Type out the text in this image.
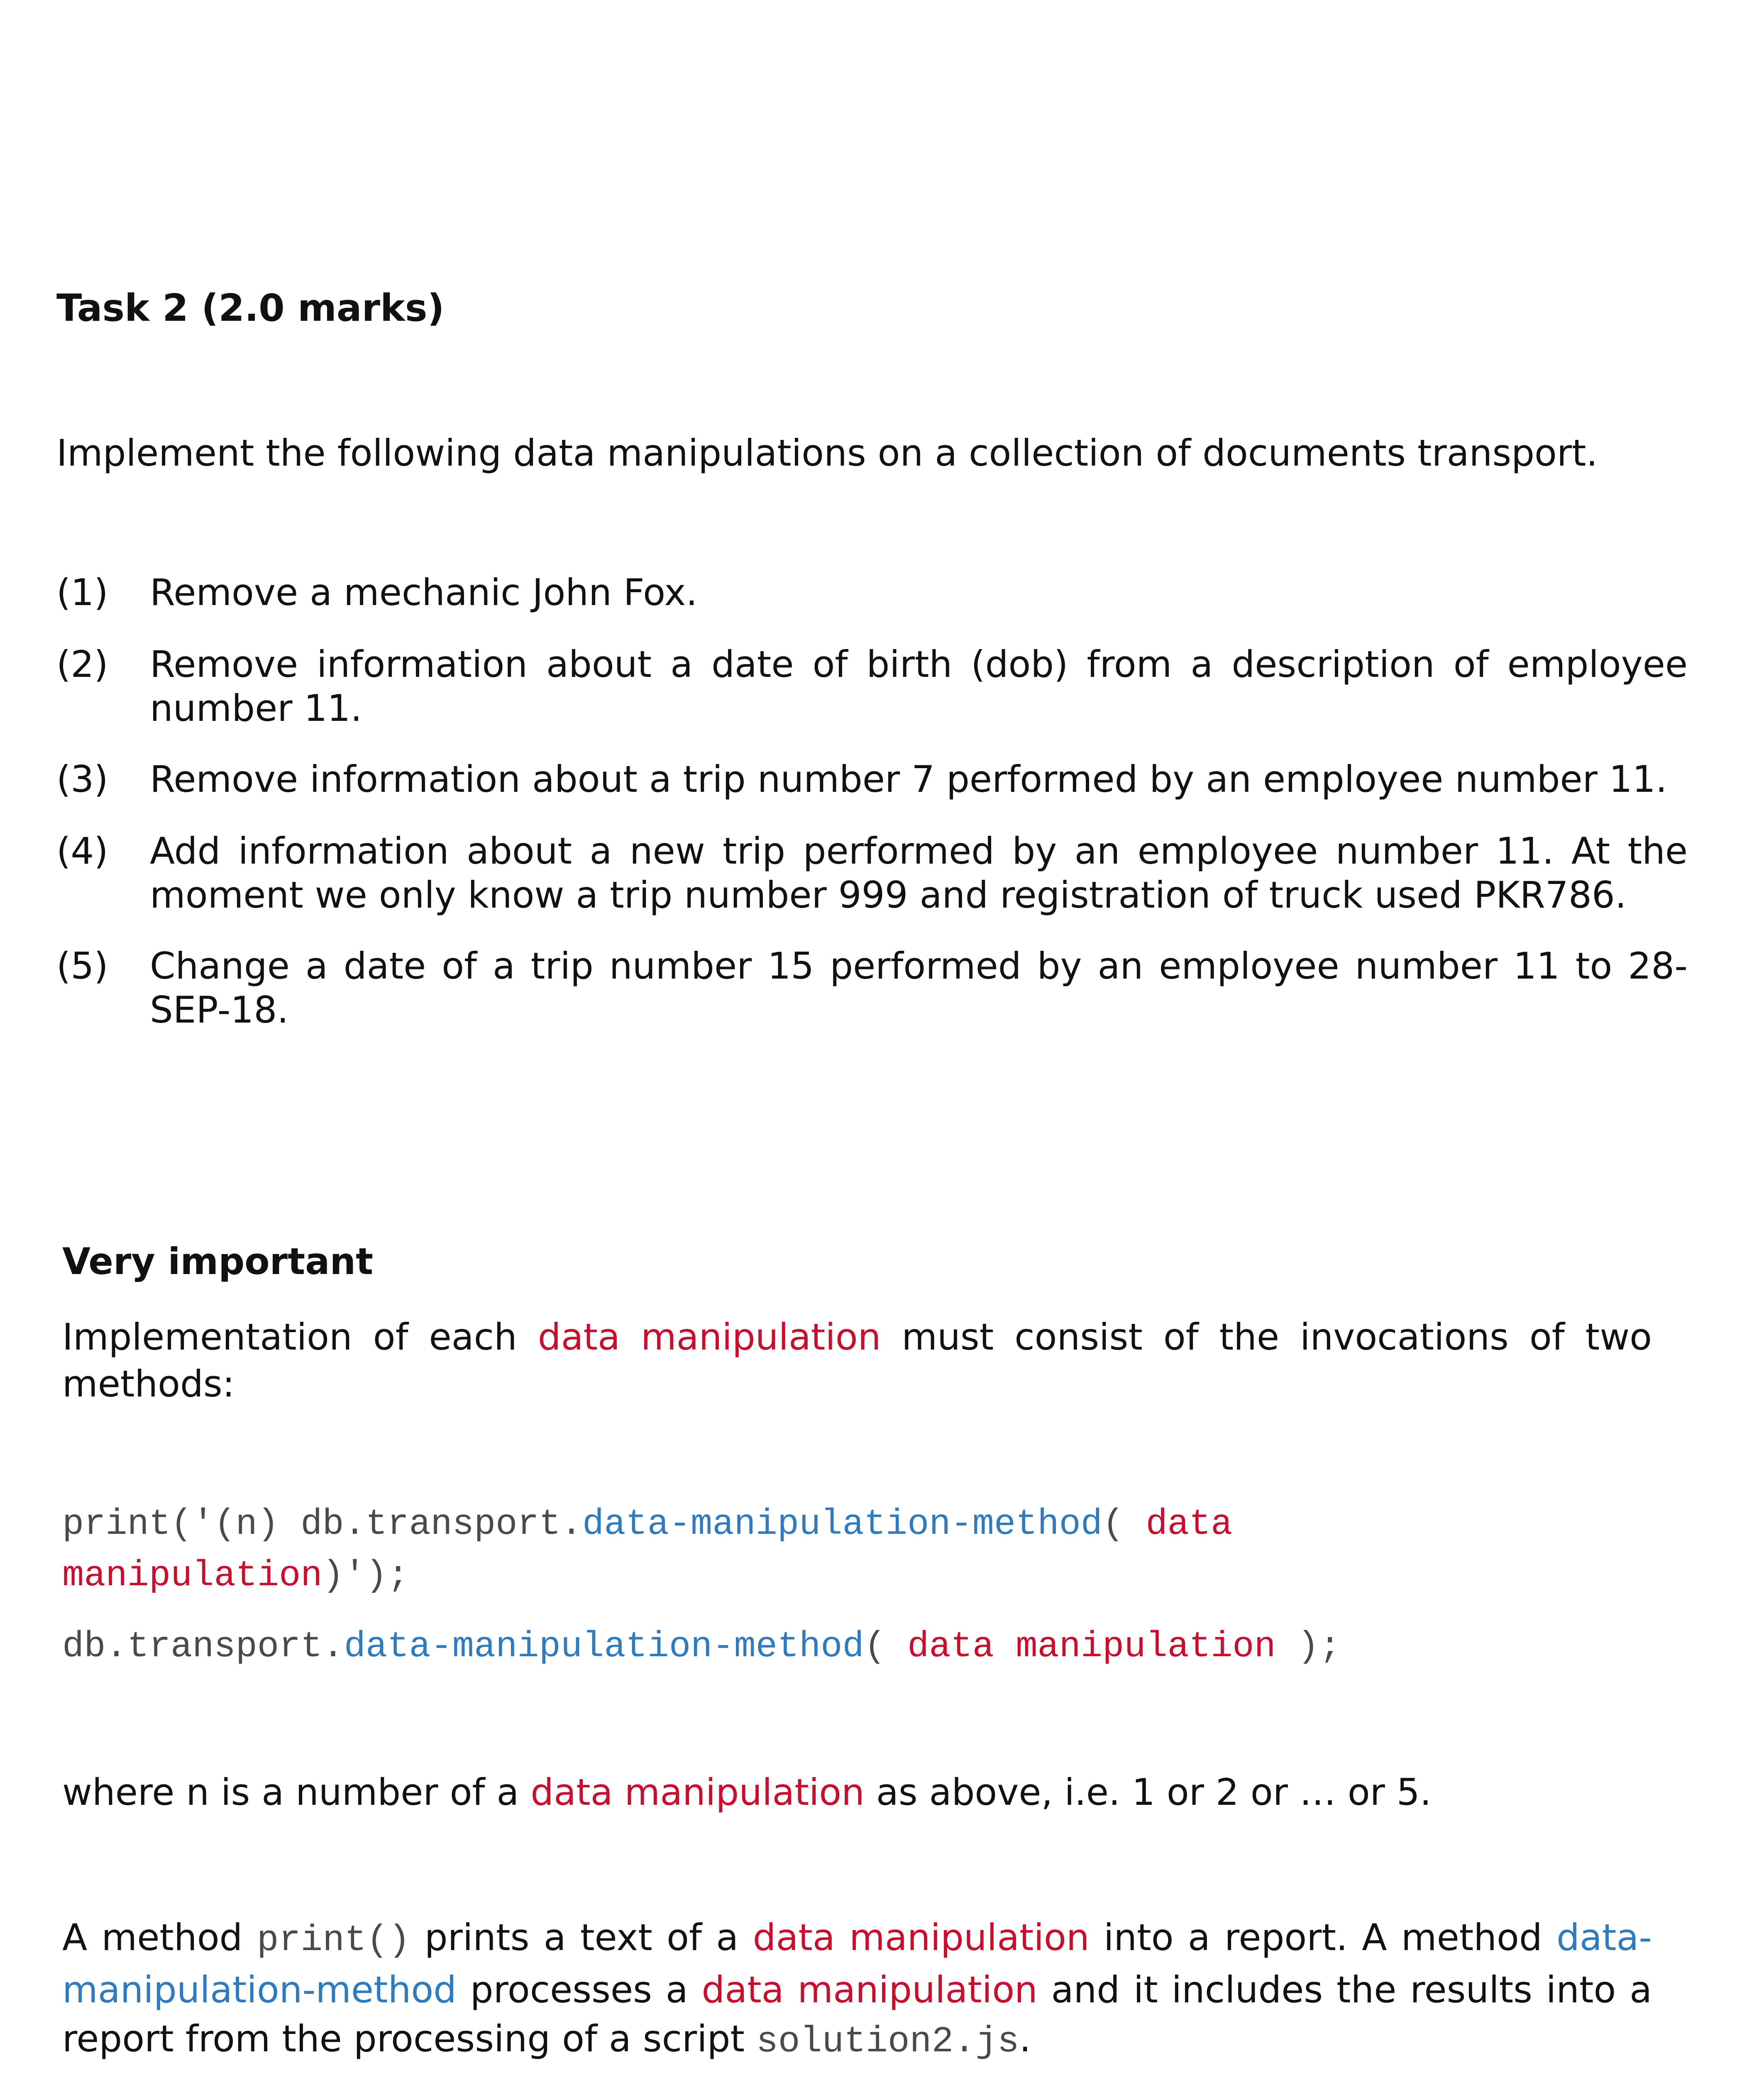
Task 2 (2.0 marks)
Implement the following data manipulations on a collection of documents transport.
(1) Remove a mechanic John Fox.
(2) Remove information about a date of birth (dob) from a description of employee number 11.
(3) Remove information about a trip number 7 performed by an employee number 11.
(4) Add information about a new trip performed by an employee number 11. At the moment we only know a trip number 999 and registration of truck used PKR786.
(5) Change a date of a trip number 15 performed by an employee number 11 to 28-SEP-18.
Very important
Implementation of each data manipulation must consist of the invocations of two methods:
print('(n) db.transport.data-manipulation-method( data
manipulation)');
db.transport.data-manipulation-method( data manipulation );
where n is a number of a data manipulation as above, i.e. 1 or 2 or … or 5.
A method print() prints a text of a data manipulation into a report. A method data-manipulation-method processes a data manipulation and it includes the results into a report from the processing of a script solution2.js.
